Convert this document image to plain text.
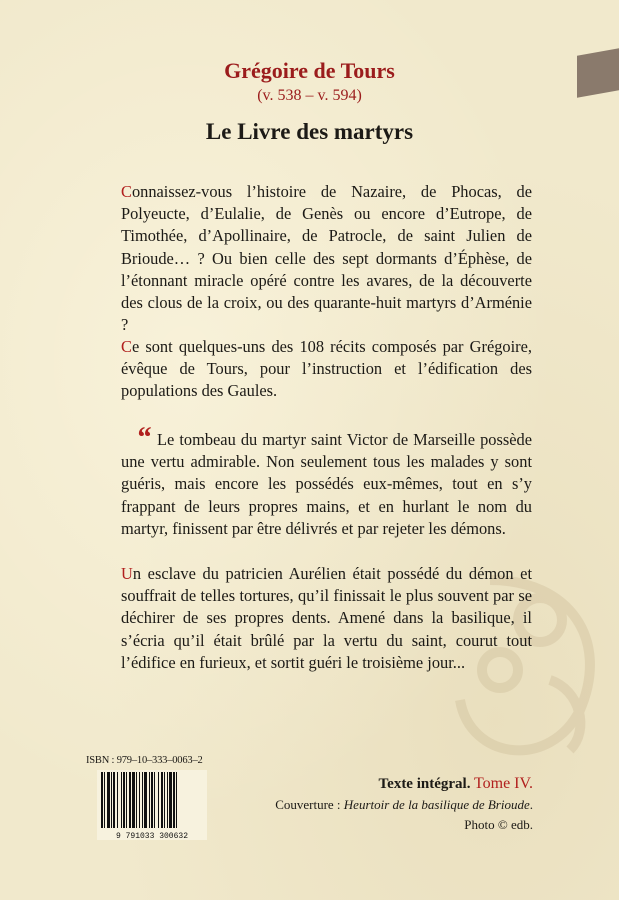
Grégoire de Tours
(v. 538 – v. 594)
Le Livre des martyrs

Connaissez-vous l’histoire de Nazaire, de Phocas, de Polyeucte, d’Eulalie, de Genès ou encore d’Eutrope, de Timothée, d’Apollinaire, de Patrocle, de saint Julien de Brioude… ? Ou bien celle des sept dormants d’Éphèse, de l’étonnant miracle opéré contre les avares, de la découverte des clous de la croix, ou des quarante-huit martyrs d’Arménie ?

Ce sont quelques-uns des 108 récits composés par Grégoire, évêque de Tours, pour l’instruction et l’édification des populations des Gaules.

“ Le tombeau du martyr saint Victor de Marseille possède une vertu admirable. Non seulement tous les malades y sont guéris, mais encore les possédés eux-mêmes, tout en s’y frappant de leurs propres mains, et en hurlant le nom du martyr, finissent par être délivrés et par rejeter les démons.

Un esclave du patricien Aurélien était possédé du démon et souffrait de telles tortures, qu’il finissait le plus souvent par se déchirer de ses propres dents. Amené dans la basilique, il s’écria qu’il était brûlé par la vertu du saint, courut tout l’édifice en furieux, et sortit guéri le troisième jour...

ISBN : 979–10–333–0063–2
9 791033 300632
Texte intégral. Tome IV.
Couverture : Heurtoir de la basilique de Brioude.
Photo © edb.
